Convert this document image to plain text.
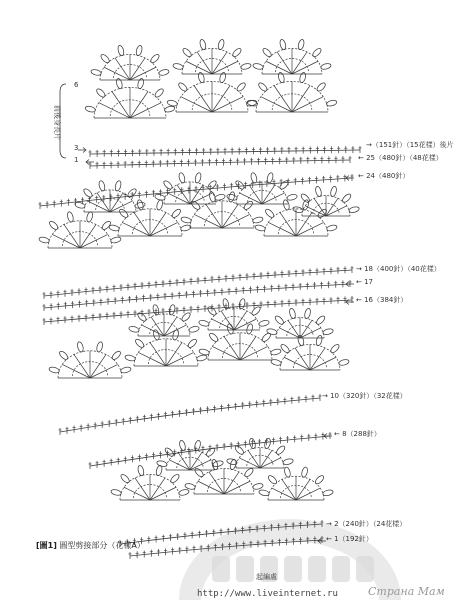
→（151針）（15花樣）後片
← 25（480針）（48花樣）
← 24（480針）
→ 18（400針）（40花樣）
← 17
← 16（384針）
→ 10（320針）（32花樣）
← 8（288針）
→ 2（240針）（24花樣）
← 1（192針）
6
3
1
前後身長片
起編處
[圖1] 圓型剪接部分（花樣A）
http://www.liveinternet.ru	Страна Мам
